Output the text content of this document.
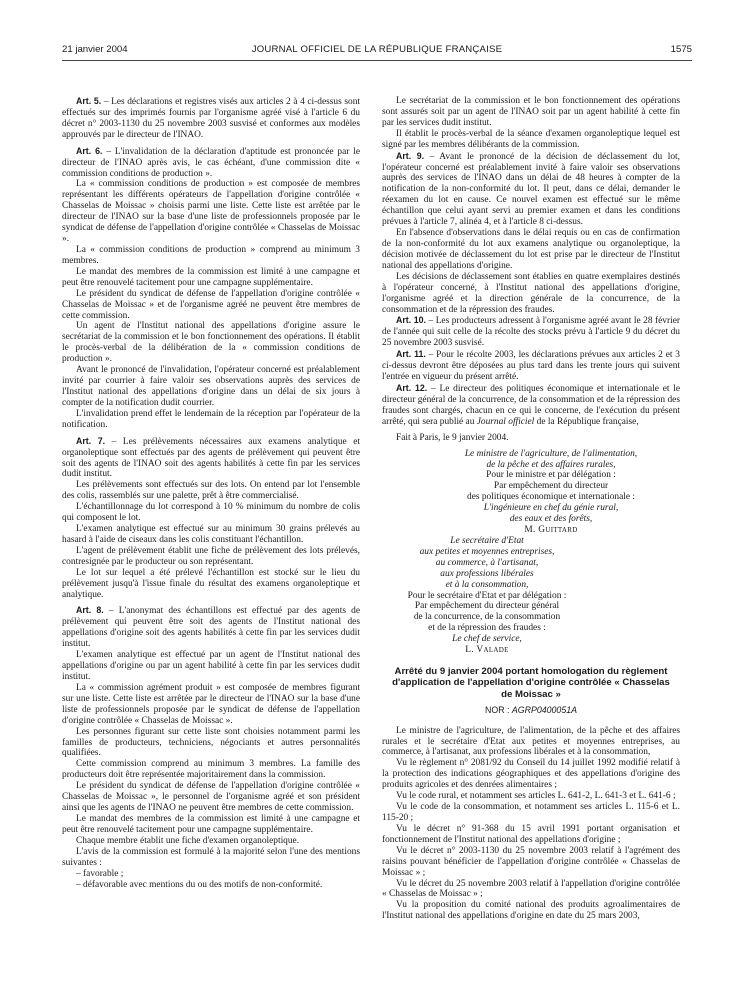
21 janvier 2004	JOURNAL OFFICIEL DE LA RÉPUBLIQUE FRANÇAISE	1575

Art. 5. – Les déclarations et registres visés aux articles 2 à 4 ci-dessus sont effectués sur des imprimés fournis par l'organisme agréé visé à l'article 6 du décret n° 2003-1130 du 25 novembre 2003 susvisé et conformes aux modèles approuvés par le directeur de l'INAO.

Art. 6. – L'invalidation de la déclaration d'aptitude est prononcée par le directeur de l'INAO après avis, le cas échéant, d'une commission dite « commission conditions de production ».

La « commission conditions de production » est composée de membres représentant les différents opérateurs de l'appellation d'origine contrôlée « Chasselas de Moissac » choisis parmi une liste. Cette liste est arrêtée par le directeur de l'INAO sur la base d'une liste de professionnels proposée par le syndicat de défense de l'appellation d'origine contrôlée « Chasselas de Moissac ».

La « commission conditions de production » comprend au minimum 3 membres.

Le mandat des membres de la commission est limité à une campagne et peut être renouvelé tacitement pour une campagne supplémentaire.

Le président du syndicat de défense de l'appellation d'origine contrôlée « Chasselas de Moissac » et de l'organisme agréé ne peuvent être membres de cette commission.

Un agent de l'Institut national des appellations d'origine assure le secrétariat de la commission et le bon fonctionnement des opérations. Il établit le procès-verbal de la délibération de la « commission conditions de production ».

Avant le prononcé de l'invalidation, l'opérateur concerné est préalablement invité par courrier à faire valoir ses observations auprès des services de l'Institut national des appellations d'origine dans un délai de six jours à compter de la notification dudit courrier.

L'invalidation prend effet le lendemain de la réception par l'opérateur de la notification.

Art. 7. – Les prélèvements nécessaires aux examens analytique et organoleptique sont effectués par des agents de prélèvement qui peuvent être soit des agents de l'INAO soit des agents habilités à cette fin par les services dudit institut.

Les prélèvements sont effectués sur des lots. On entend par lot l'ensemble des colis, rassemblés sur une palette, prêt à être commercialisé.

L'échantillonnage du lot correspond à 10 % minimum du nombre de colis qui composent le lot.

L'examen analytique est effectué sur au minimum 30 grains prélevés au hasard à l'aide de ciseaux dans les colis constituant l'échantillon.

L'agent de prélèvement établit une fiche de prélèvement des lots prélevés, contresignée par le producteur ou son représentant.

Le lot sur lequel a été prélevé l'échantillon est stocké sur le lieu du prélèvement jusqu'à l'issue finale du résultat des examens organoleptique et analytique.

Art. 8. – L'anonymat des échantillons est effectué par des agents de prélèvement qui peuvent être soit des agents de l'Institut national des appellations d'origine soit des agents habilités à cette fin par les services dudit institut.

L'examen analytique est effectué par un agent de l'Institut national des appellations d'origine ou par un agent habilité à cette fin par les services dudit institut.

La « commission agrément produit » est composée de membres figurant sur une liste. Cette liste est arrêtée par le directeur de l'INAO sur la base d'une liste de professionnels proposée par le syndicat de défense de l'appellation d'origine contrôlée « Chasselas de Moissac ».

Les personnes figurant sur cette liste sont choisies notamment parmi les familles de producteurs, techniciens, négociants et autres personnalités qualifiées.

Cette commission comprend au minimum 3 membres. La famille des producteurs doit être représentée majoritairement dans la commission.

Le président du syndicat de défense de l'appellation d'origine contrôlée « Chasselas de Moissac », le personnel de l'organisme agréé et son président ainsi que les agents de l'INAO ne peuvent être membres de cette commission.

Le mandat des membres de la commission est limité à une campagne et peut être renouvelé tacitement pour une campagne supplémentaire.

Chaque membre établit une fiche d'examen organoleptique.

L'avis de la commission est formulé à la majorité selon l'une des mentions suivantes :

– favorable ;

– défavorable avec mentions du ou des motifs de non-conformité.

Le secrétariat de la commission et le bon fonctionnement des opérations sont assurés soit par un agent de l'INAO soit par un agent habilité à cette fin par les services dudit institut.

Il établit le procès-verbal de la séance d'examen organoleptique lequel est signé par les membres délibérants de la commission.

Art. 9. – Avant le prononcé de la décision de déclassement du lot, l'opérateur concerné est préalablement invité à faire valoir ses observations auprès des services de l'INAO dans un délai de 48 heures à compter de la notification de la non-conformité du lot. Il peut, dans ce délai, demander le réexamen du lot en cause. Ce nouvel examen est effectué sur le même échantillon que celui ayant servi au premier examen et dans les conditions prévues à l'article 7, alinéa 4, et à l'article 8 ci-dessus.

En l'absence d'observations dans le délai requis ou en cas de confirmation de la non-conformité du lot aux examens analytique ou organoleptique, la décision motivée de déclassement du lot est prise par le directeur de l'Institut national des appellations d'origine.

Les décisions de déclassement sont établies en quatre exemplaires destinés à l'opérateur concerné, à l'Institut national des appellations d'origine, l'organisme agréé et la direction générale de la concurrence, de la consommation et de la répression des fraudes.

Art. 10. – Les producteurs adressent à l'organisme agréé avant le 28 février de l'année qui suit celle de la récolte des stocks prévu à l'article 9 du décret du 25 novembre 2003 susvisé.

Art. 11. – Pour le récolte 2003, les déclarations prévues aux articles 2 et 3 ci-dessus devront être déposées au plus tard dans les trente jours qui suivent l'entrée en vigueur du présent arrêté.

Art. 12. – Le directeur des politiques économique et internationale et le directeur général de la concurrence, de la consommation et de la répression des fraudes sont chargés, chacun en ce qui le concerne, de l'exécution du présent arrêté, qui sera publié au Journal officiel de la République française,

Fait à Paris, le 9 janvier 2004.

Le ministre de l'agriculture, de l'alimentation,

de la pêche et des affaires rurales,

Pour le ministre et par délégation :

Par empêchement du directeur

des politiques économique et internationale :

L'ingénieure en chef du génie rural,

des eaux et des forêts,

M. Guittard

Le secrétaire d'Etat

aux petites et moyennes entreprises,

au commerce, à l'artisanat,

aux professions libérales

et à la consommation,

Pour le secrétaire d'Etat et par délégation :

Par empêchement du directeur général

de la concurrence, de la consommation

et de la répression des fraudes :

Le chef de service,

L. Valade

Arrêté du 9 janvier 2004 portant homologation du règlement d'application de l'appellation d'origine contrôlée « Chasselas de Moissac »

NOR : AGRP0400051A

Le ministre de l'agriculture, de l'alimentation, de la pêche et des affaires rurales et le secrétaire d'Etat aux petites et moyennes entreprises, au commerce, à l'artisanat, aux professions libérales et à la consommation,

Vu le règlement n° 2081/92 du Conseil du 14 juillet 1992 modifié relatif à la protection des indications géographiques et des appellations d'origine des produits agricoles et des denrées alimentaires ;

Vu le code rural, et notamment ses articles L. 641-2, L. 641-3 et L. 641-6 ;

Vu le code de la consommation, et notamment ses articles L. 115-6 et L. 115-20 ;

Vu le décret n° 91-368 du 15 avril 1991 portant organisation et fonctionnement de l'Institut national des appellations d'origine ;

Vu le décret n° 2003-1130 du 25 novembre 2003 relatif à l'agrément des raisins pouvant bénéficier de l'appellation d'origine contrôlée « Chasselas de Moissac » ;

Vu le décret du 25 novembre 2003 relatif à l'appellation d'origine contrôlée « Chasselas de Moissac » ;

Vu la proposition du comité national des produits agroalimentaires de l'Institut national des appellations d'origine en date du 25 mars 2003,
